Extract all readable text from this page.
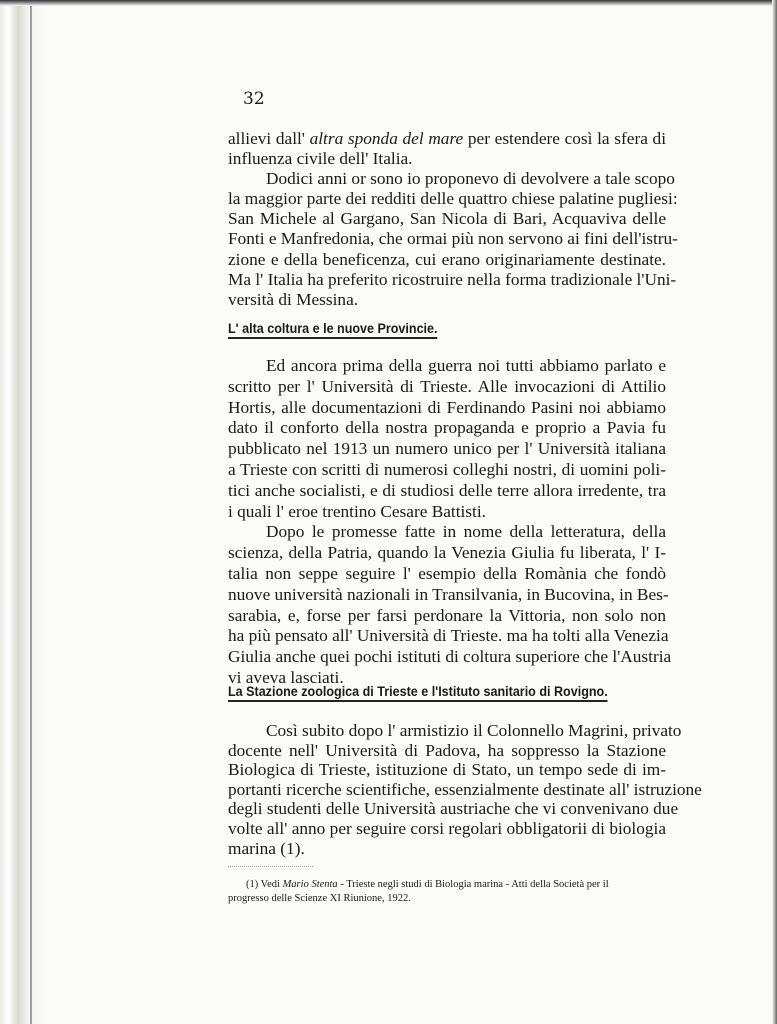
32
allievi dall' altra sponda del mare per estendere così la sfera di
influenza civile dell' Italia.
Dodici anni or sono io proponevo di devolvere a tale scopo
la maggior parte dei redditi delle quattro chiese palatine pugliesi:
San Michele al Gargano, San Nicola di Bari, Acquaviva delle
Fonti e Manfredonia, che ormai più non servono ai fini dell'istru-
zione e della beneficenza, cui erano originariamente destinate.
Ma l' Italia ha preferito ricostruire nella forma tradizionale l'Uni-
versità di Messina.
L' alta coltura e le nuove Provincie.
Ed ancora prima della guerra noi tutti abbiamo parlato e
scritto per l' Università di Trieste. Alle invocazioni di Attilio
Hortis, alle documentazioni di Ferdinando Pasini noi abbiamo
dato il conforto della nostra propaganda e proprio a Pavia fu
pubblicato nel 1913 un numero unico per l' Università italiana
a Trieste con scritti di numerosi colleghi nostri, di uomini poli-
tici anche socialisti, e di studiosi delle terre allora irredente, tra
i quali l' eroe trentino Cesare Battisti.
Dopo le promesse fatte in nome della letteratura, della
scienza, della Patria, quando la Venezia Giulia fu liberata, l' I-
talia non seppe seguire l' esempio della Romània che fondò
nuove università nazionali in Transilvania, in Bucovina, in Bes-
sarabia, e, forse per farsi perdonare la Vittoria, non solo non
ha più pensato all' Università di Trieste. ma ha tolti alla Venezia
Giulia anche quei pochi istituti di coltura superiore che l'Austria
vi aveva lasciati.
La Stazione zoologica di Trieste e l'Istituto sanitario di Rovigno.
Così subito dopo l' armistizio il Colonnello Magrini, privato
docente nell' Università di Padova, ha soppresso la Stazione
Biologica di Trieste, istituzione di Stato, un tempo sede di im-
portanti ricerche scientifiche, essenzialmente destinate all' istruzione
degli studenti delle Università austriache che vi convenivano due
volte all' anno per seguire corsi regolari obbligatorii di biologia
marina (1).
(1) Vedi Mario Stenta - Trieste negli studi di Biologia marina - Atti della Società per il
progresso delle Scienze XI Riunione, 1922.
